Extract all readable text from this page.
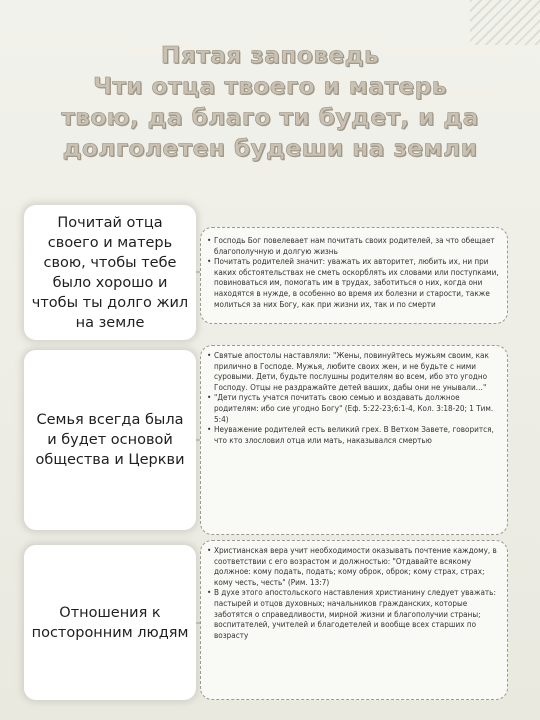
Пятая заповедь
Чти отца твоего и матерь
твою, да благо ти будет, и да
долголетен будеши на земли
Почитай отца своего и матерь свою, чтобы тебе было хорошо и чтобы ты долго жил на земле
• Господь Бог повелевает нам почитать своих родителей, за что обещает благополучную и долгую жизнь
• Почитать родителей значит: уважать их авторитет, любить их, ни при каких обстоятельствах не сметь оскорблять их словами или поступками, повиноваться им, помогать им в трудах, заботиться о них, когда они находятся в нужде, в особенно во время их болезни и старости, также молиться за них Богу, как при жизни их, так и по смерти
Семья всегда была и будет основой общества и Церкви
• Святые апостолы наставляли: "Жены, повинуйтесь мужьям своим, как прилично в Господе. Мужья, любите своих жен, и не будьте с ними суровыми. Дети, будьте послушны родителям во всем, ибо это угодно Господу. Отцы не раздражайте детей ваших, дабы они не унывали…"
• "Дети пусть учатся почитать свою семью и воздавать должное родителям: ибо сие угодно Богу" (Еф. 5:22-23;6:1-4, Кол. 3:18-20; 1 Тим. 5:4)
• Неуважение родителей есть великий грех. В Ветхом Завете, говорится, что кто злословил отца или мать, наказывался смертью
Отношения к посторонним людям
• Христианская вера учит необходимости оказывать почтение каждому, в соответствии с его возрастом и должностью: "Отдавайте всякому должное: кому подать, подать; кому оброк, оброк; кому страх, страх; кому честь, честь" (Рим. 13:7)
• В духе этого апостольского наставления христианину следует уважать: пастырей и отцов духовных; начальников гражданских, которые заботятся о справедливости, мирной жизни и благополучии страны; воспитателей, учителей и благодетелей и вообще всех старших по возрасту
